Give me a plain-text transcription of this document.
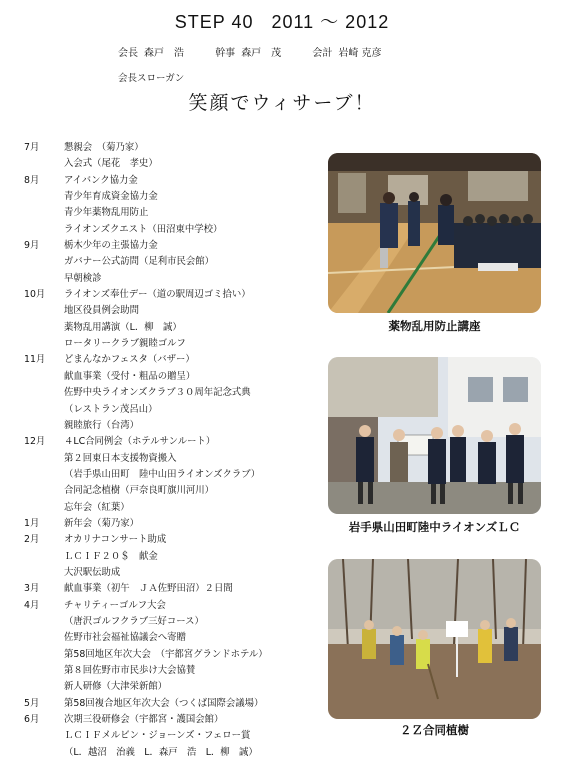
STEP 40 2011 ～ 2012
会長 森戸　浩	幹事 森戸　茂	会計 岩崎 克彦
会長スローガン
笑顔でウィサーブ！
7月	懇親会　（菊乃家）
入会式（尾花　孝史）
8月	アイバンク協力金
青少年育成資金協力金
青少年薬物乱用防止
ライオンズクエスト（田沼東中学校）
9月	栃木少年の主張協力金
ガバナー公式訪問（足利市民会館）
早朝検診
10月	ライオンズ奉仕デー（道の駅周辺ゴミ拾い）
地区役員例会助問
薬物乱用講演（L．柳　誠）
ロータリークラブ親睦ゴルフ
11月	どまんなかフェスタ（バザー）
献血事業（受付・粗品の贈呈）
佐野中央ライオンズクラブ３０周年記念式典
（レストラン茂呂山）
親睦旅行（台湾）
12月	４LC合同例会（ホテルサンルート）
第２回東日本支援物資搬入
（岩手県山田町　陸中山田ライオンズクラブ）
合同記念植樹（戸奈良町旗川河川）
忘年会（紅葉）
1月	新年会（菊乃家）
2月	オカリナコンサート助成
ＬＣＩＦ２０＄　献金
大沢駅伝助成
3月	献血事業（初午　ＪＡ佐野田沼）２日間
4月	チャリティーゴルフ大会
（唐沢ゴルフクラブ三好コース）
佐野市社会福祉協議会へ寄贈
第58回地区年次大会　（宇都宮グランドホテル）
第８回佐野市市民歩け大会協賛
新人研修（大津栄新館）
5月	第58回複合地区年次大会（つくば国際会議場）
6月	次期三役研修会（宇都宮・護国会館）
ＬＣＩＦメルビン・ジョーンズ・フェロー賞
（L．越沼　治義　L．森戸　浩　L．柳　誠）
薬物乱用防止講座
岩手県山田町陸中ライオンズＬＣ
２Ｚ合同植樹
